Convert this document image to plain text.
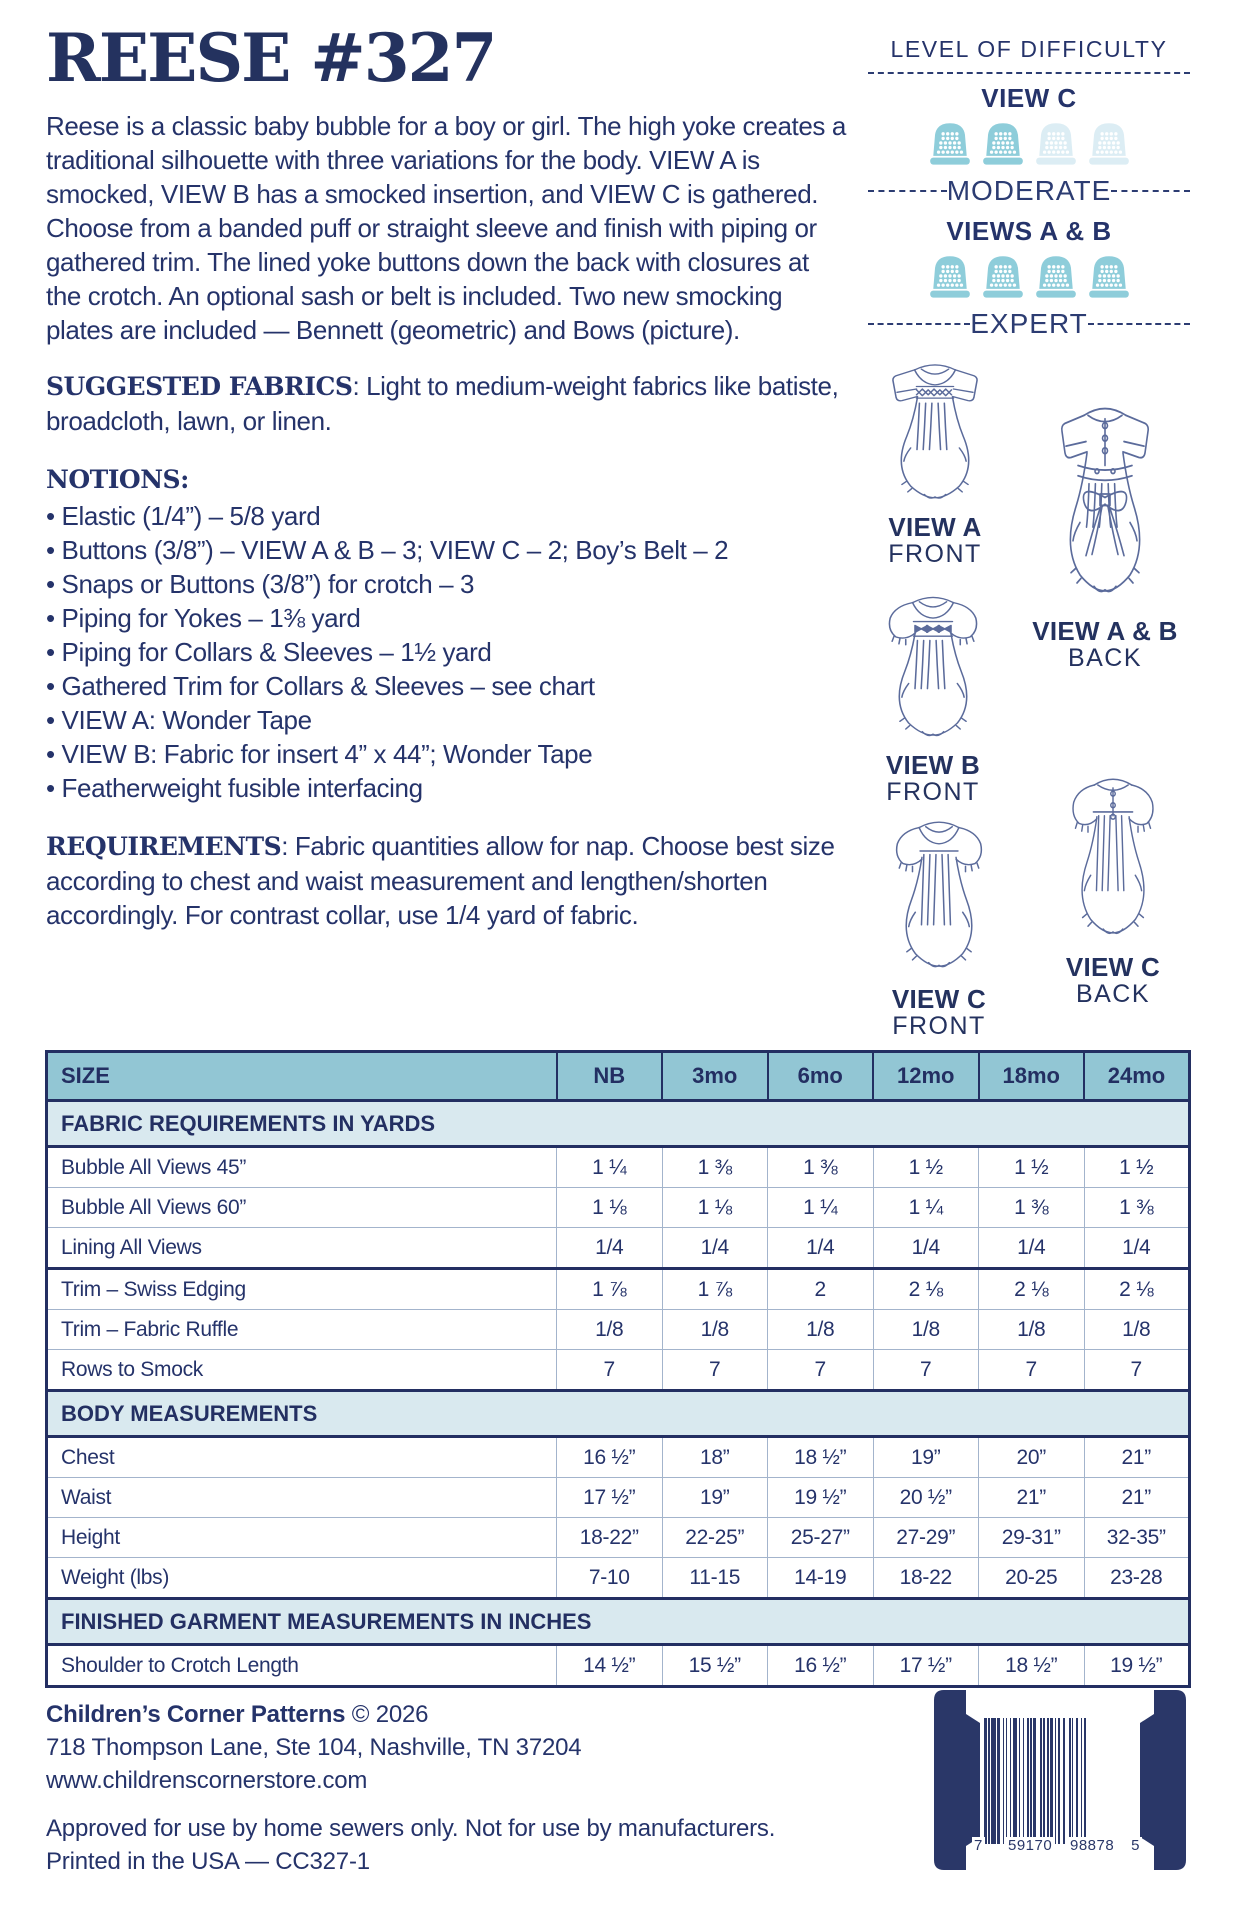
REESE #327

Reese is a classic baby bubble for a boy or girl. The high yoke creates a traditional silhouette with three variations for the body. VIEW A is smocked, VIEW B has a smocked insertion, and VIEW C is gathered. Choose from a banded puff or straight sleeve and finish with piping or gathered trim. The lined yoke buttons down the back with closures at the crotch. An optional sash or belt is included. Two new smocking plates are included — Bennett (geometric) and Bows (picture).

SUGGESTED FABRICS: Light to medium-weight fabrics like batiste, broadcloth, lawn, or linen.

NOTIONS:

• Elastic (1/4”) – 5/8 yard
• Buttons (3/8”) – VIEW A & B – 3; VIEW C – 2; Boy’s Belt – 2
• Snaps or Buttons (3/8”) for crotch – 3
• Piping for Yokes – 1⅜ yard
• Piping for Collars & Sleeves – 1½ yard
• Gathered Trim for Collars & Sleeves – see chart
• VIEW A: Wonder Tape
• VIEW B: Fabric for insert 4” x 44”; Wonder Tape
• Featherweight fusible interfacing

REQUIREMENTS: Fabric quantities allow for nap. Choose best size according to chest and waist measurement and lengthen/shorten accordingly. For contrast collar, use 1/4 yard of fabric.

LEVEL OF DIFFICULTY
VIEW C
MODERATE
VIEWS A & B
EXPERT
VIEW A
FRONT
VIEW A & B
BACK
VIEW B
FRONT
VIEW C
FRONT
VIEW C
BACK
SIZE	NB	3mo	6mo	12mo	18mo	24mo
FABRIC REQUIREMENTS IN YARDS						
Bubble All Views 45”	1 ¼	1 ⅜	1 ⅜	1 ½	1 ½	1 ½
Bubble All Views 60”	1 ⅛	1 ⅛	1 ¼	1 ¼	1 ⅜	1 ⅜
Lining All Views	1/4	1/4	1/4	1/4	1/4	1/4
Trim – Swiss Edging	1 ⅞	1 ⅞	2	2 ⅛	2 ⅛	2 ⅛
Trim – Fabric Ruffle	1/8	1/8	1/8	1/8	1/8	1/8
Rows to Smock	7	7	7	7	7	7
BODY MEASUREMENTS						
Chest	16 ½”	18”	18 ½”	19”	20”	21”
Waist	17 ½”	19”	19 ½”	20 ½”	21”	21”
Height	18-22”	22-25”	25-27”	27-29”	29-31”	32-35”
Weight (lbs)	7-10	11-15	14-19	18-22	20-25	23-28
FINISHED GARMENT MEASUREMENTS IN INCHES						
Shoulder to Crotch Length	14 ½”	15 ½”	16 ½”	17 ½”	18 ½”	19 ½”
Children’s Corner Patterns © 2026
718 Thompson Lane, Ste 104, Nashville, TN 37204
www.childrenscornerstore.com
Approved for use by home sewers only. Not for use by manufacturers.
Printed in the USA — CC327-1
7 59170 98878 5
